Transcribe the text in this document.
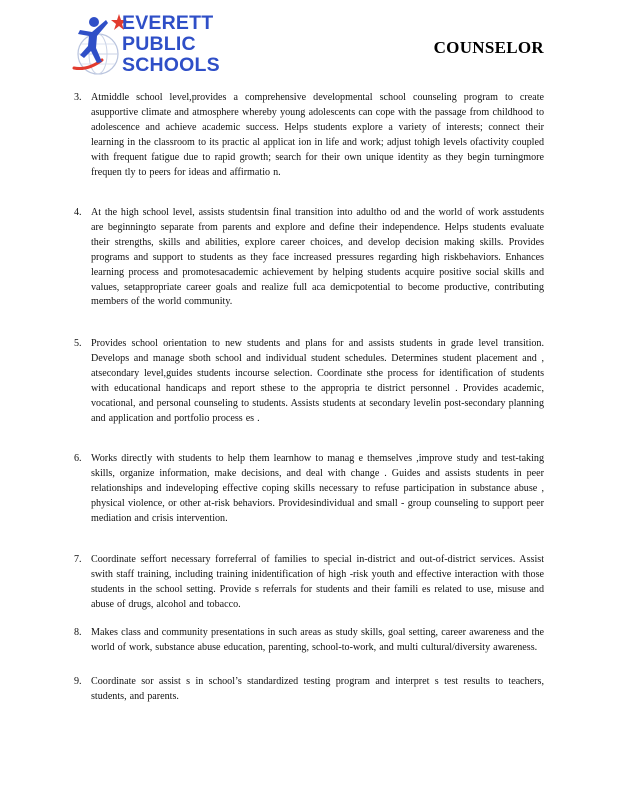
EVERETT
PUBLIC
SCHOOLS
COUNSELOR
3. Atmiddle school level,provides a comprehensive developmental school counseling program to create asupportive climate and atmosphere whereby young adolescents can cope with the passage from childhood to adolescence and achieve academic success. Helps students explore a variety of interests; connect their learning in the classroom to its practic al applicat ion in life and work; adjust tohigh levels ofactivity coupled with frequent fatigue due to rapid growth; search for their own unique identity as they begin turningmore frequen tly to peers for ideas and affirmatio n.
4. At the high school level, assists studentsin final transition into adultho od and the world of work asstudents are beginningto separate from parents and explore and define their independence. Helps students evaluate their strengths, skills and abilities, explore career choices, and develop decision making skills. Provides programs and support to students as they face increased pressures regarding high riskbehaviors. Enhances learning process and promotesacademic achievement by helping students acquire positive social skills and values, setappropriate career goals and realize full aca demicpotential to become productive, contributing members of the world community.
5. Provides school orientation to new students and plans for and assists students in grade level transition. Develops and manage sboth school and individual student schedules. Determines student placement and , atsecondary level,guides students incourse selection. Coordinate sthe process for identification of students with educational handicaps and report sthese to the appropria te district personnel . Provides academic, vocational, and personal counseling to students. Assists students at secondary levelin post-secondary planning and application and portfolio process es .
6. Works directly with students to help them learnhow to manag e themselves ,improve study and test-taking skills, organize information, make decisions, and deal with change . Guides and assists students in peer relationships and indeveloping effective coping skills necessary to refuse participation in substance abuse , physical violence, or other at-risk behaviors. Providesindividual and small - group counseling to support peer mediation and crisis intervention.
7. Coordinate seffort necessary forreferral of families to special in-district and out-of-district services. Assist swith staff training, including training inidentification of high -risk youth and effective interaction with those students in the school setting. Provide s referrals for students and their famili es related to use, misuse and abuse of drugs, alcohol and tobacco.
8. Makes class and community presentations in such areas as study skills, goal setting, career awareness and the world of work, substance abuse education, parenting, school-to-work, and multi cultural/diversity awareness.
9. Coordinate sor assist s in school’s standardized testing program and interpret s test results to teachers, students, and parents.
